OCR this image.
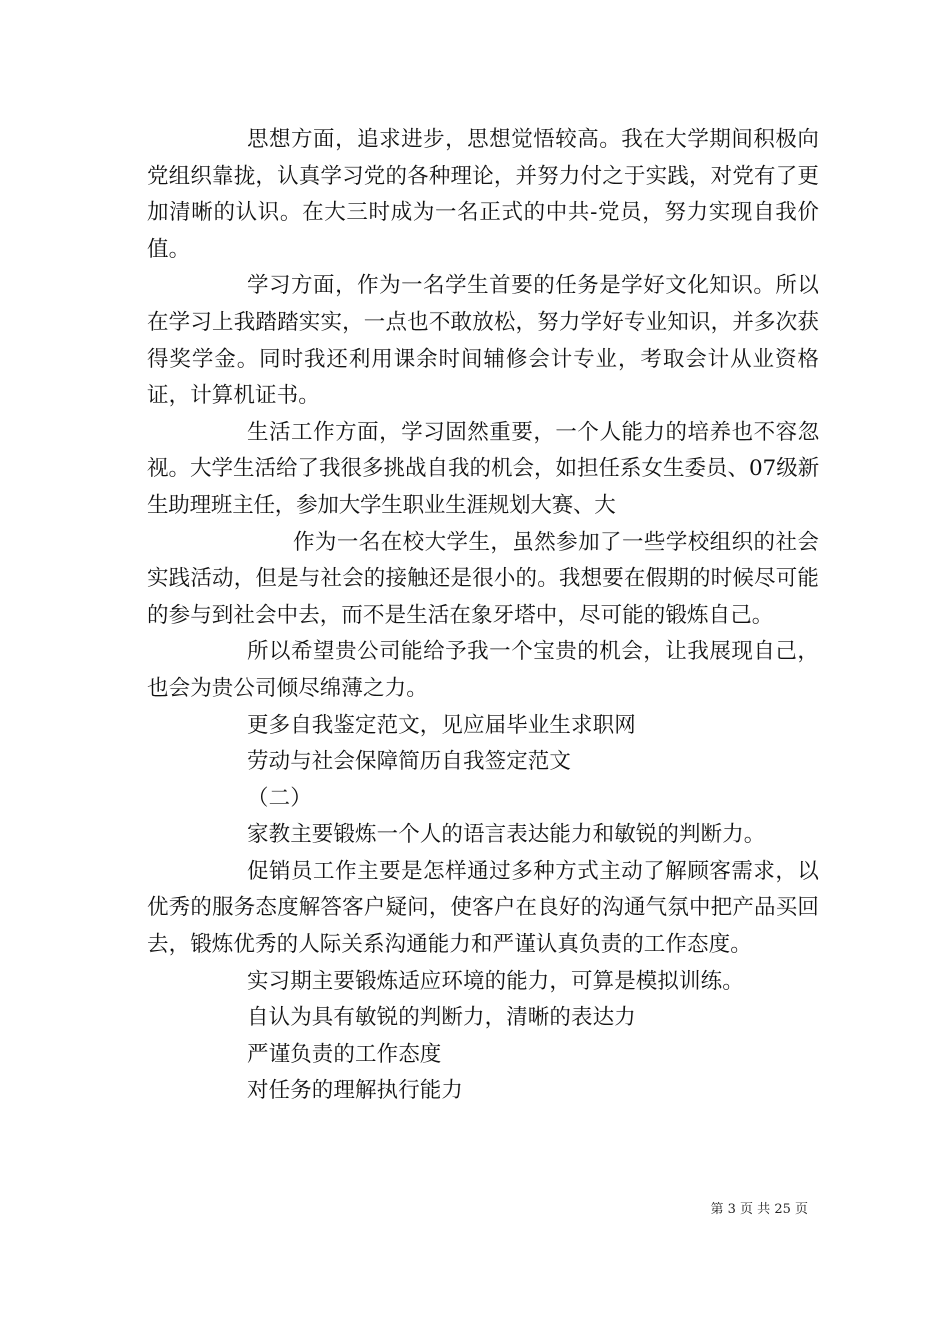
思想方面，追求进步，思想觉悟较高。我在大学期间积极向党组织靠拢，认真学习党的各种理论，并努力付之于实践，对党有了更加清晰的认识。在大三时成为一名正式的中共-党员，努力实现自我价值。

学习方面，作为一名学生首要的任务是学好文化知识。所以在学习上我踏踏实实，一点也不敢放松，努力学好专业知识，并多次获得奖学金。同时我还利用课余时间辅修会计专业，考取会计从业资格证，计算机证书。

生活工作方面，学习固然重要，一个人能力的培养也不容忽视。大学生活给了我很多挑战自我的机会，如担任系女生委员、07级新生助理班主任，参加大学生职业生涯规划大赛、大

作为一名在校大学生，虽然参加了一些学校组织的社会实践活动，但是与社会的接触还是很小的。我想要在假期的时候尽可能的参与到社会中去，而不是生活在象牙塔中，尽可能的锻炼自己。

所以希望贵公司能给予我一个宝贵的机会，让我展现自己，也会为贵公司倾尽绵薄之力。

更多自我鉴定范文，见应届毕业生求职网

劳动与社会保障简历自我签定范文

（二）

家教主要锻炼一个人的语言表达能力和敏锐的判断力。

促销员工作主要是怎样通过多种方式主动了解顾客需求，以优秀的服务态度解答客户疑问，使客户在良好的沟通气氛中把产品买回去，锻炼优秀的人际关系沟通能力和严谨认真负责的工作态度。

实习期主要锻炼适应环境的能力，可算是模拟训练。

自认为具有敏锐的判断力，清晰的表达力

严谨负责的工作态度

对任务的理解执行能力

第 3 页 共 25 页
